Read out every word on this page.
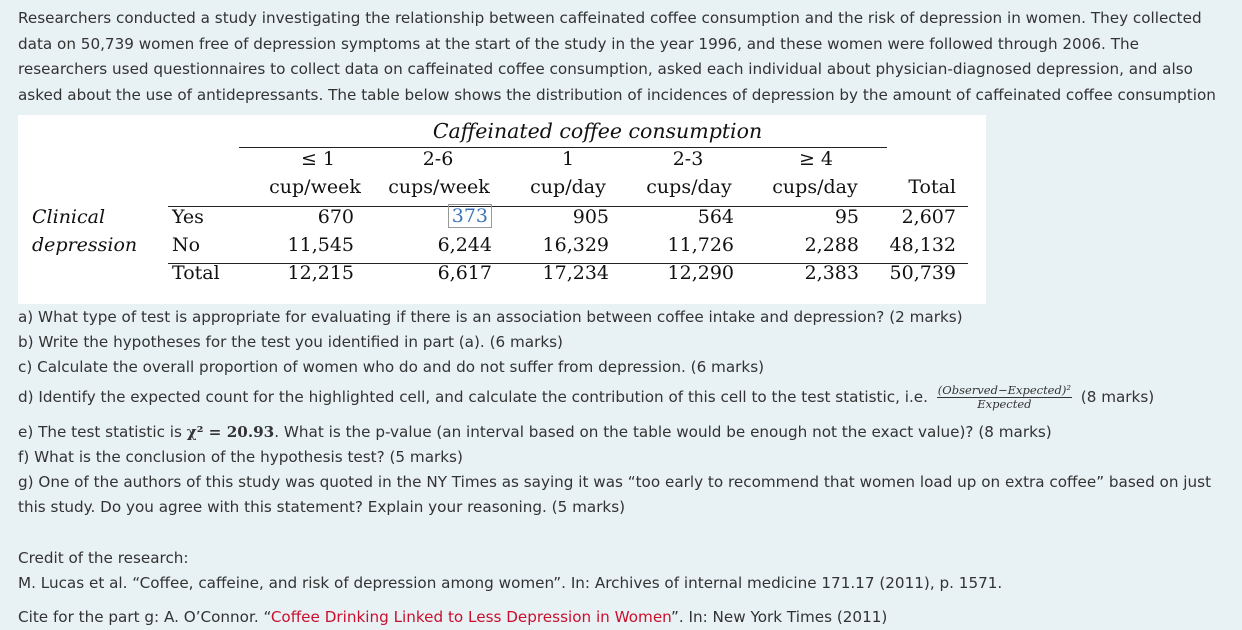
Researchers conducted a study investigating the relationship between caffeinated coffee consumption and the risk of depression in women. They collected data on 50,739 women free of depression symptoms at the start of the study in the year 1996, and these women were followed through 2006. The researchers used questionnaires to collect data on caffeinated coffee consumption, asked each individual about physician-diagnosed depression, and also asked about the use of antidepressants. The table below shows the distribution of incidences of depression by the amount of caffeinated coffee consumption

Caffeinated coffee consumption
≤ 1	2-6	1	2-3	≥ 4
cup/week	cups/week	cup/day	cups/day	cups/day	Total
Clinical
depression
Yes	670	373	905	564	95	2,607
No	11,545	6,244	16,329	11,726	2,288	48,132
Total	12,215	6,617	17,234	12,290	2,383	50,739

a) What type of test is appropriate for evaluating if there is an association between coffee intake and depression? (2 marks)

b) Write the hypotheses for the test you identified in part (a). (6 marks)

c) Calculate the overall proportion of women who do and do not suffer from depression. (6 marks)

d) Identify the expected count for the highlighted cell, and calculate the contribution of this cell to the test statistic, i.e. $\frac{\text{(Observed−Expected)²}}{\text{Expected}} (8$ marks)

e) The test statistic is χ² = 20.93. What is the p-value (an interval based on the table would be enough not the exact value)? (8 marks)

f) What is the conclusion of the hypothesis test? (5 marks)

g) One of the authors of this study was quoted in the NY Times as saying it was “too early to recommend that women load up on extra coffee” based on just this study. Do you agree with this statement? Explain your reasoning. (5 marks)

Credit of the research:

M. Lucas et al. “Coffee, caffeine, and risk of depression among women”. In: Archives of internal medicine 171.17 (2011), p. 1571.

Cite for the part g: A. O’Connor. “Coffee Drinking Linked to Less Depression in Women”. In: New York Times (2011)
